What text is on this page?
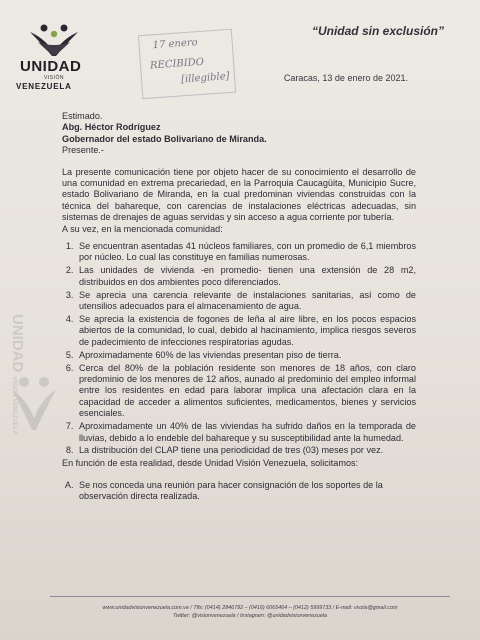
UNIDAD
VISIÓN
VENEZUELA
“Unidad sin exclusión”
17 enero
RECIBIDO
[illegible]	Caracas, 13 de enero de 2021.
UNIDADVISIÓN VENEZUELA

Estimado.

Abg. Héctor Rodríguez

Gobernador del estado Bolivariano de Miranda.

Presente.-

La presente comunicación tiene por objeto hacer de su conocimiento el desarrollo de una comunidad en extrema precariedad, en la Parroquia Caucagüita, Municipio Sucre, estado Bolivariano de Miranda, en la cual predominan viviendas construidas con la técnica del bahareque, con carencias de instalaciones eléctricas adecuadas, sin sistemas de drenajes de aguas servidas y sin acceso a agua corriente por tubería.

A su vez, en la mencionada comunidad:

1. Se encuentran asentadas 41 núcleos familiares, con un promedio de 6,1 miembros por núcleo. Lo cual las constituye en familias numerosas.
2. Las unidades de vivienda -en promedio- tienen una extensión de 28 m2, distribuidos en dos ambientes poco diferenciados.
3. Se aprecia una carencia relevante de instalaciones sanitarias, así como de utensilios adecuados para el almacenamiento de agua.
4. Se aprecia la existencia de fogones de leña al aire libre, en los pocos espacios abiertos de la comunidad, lo cual, debido al hacinamiento, implica riesgos severos de padecimiento de infecciones respiratorias agudas.
5. Aproximadamente 60% de las viviendas presentan piso de tierra.
6. Cerca del 80% de la población residente son menores de 18 años, con claro predominio de los menores de 12 años, aunado al predominio del empleo informal entre los residentes en edad para laborar implica una afectación clara en la capacidad de acceder a alimentos suficientes, medicamentos, bienes y servicios esenciales.
7. Aproximadamente un 40% de las viviendas ha sufrido daños en la temporada de lluvias, debido a lo endeble del bahareque y su susceptibilidad ante la humedad.
8. La distribución del CLAP tiene una periodicidad de tres (03) meses por vez.

En función de esta realidad, desde Unidad Visión Venezuela, solicitamos:

A. Se nos conceda una reunión para hacer consignación de los soportes de la observación directa realizada.
www.unidadvisionvenezuela.com.ve / Tlfs: (0414) 2846792 – (0416) 6065464 – (0412) 5999733 / E-mail: vivzla@gmail.com
Twitter: @visionvenezuela / Instagram: @unidadvisionvenezuela
